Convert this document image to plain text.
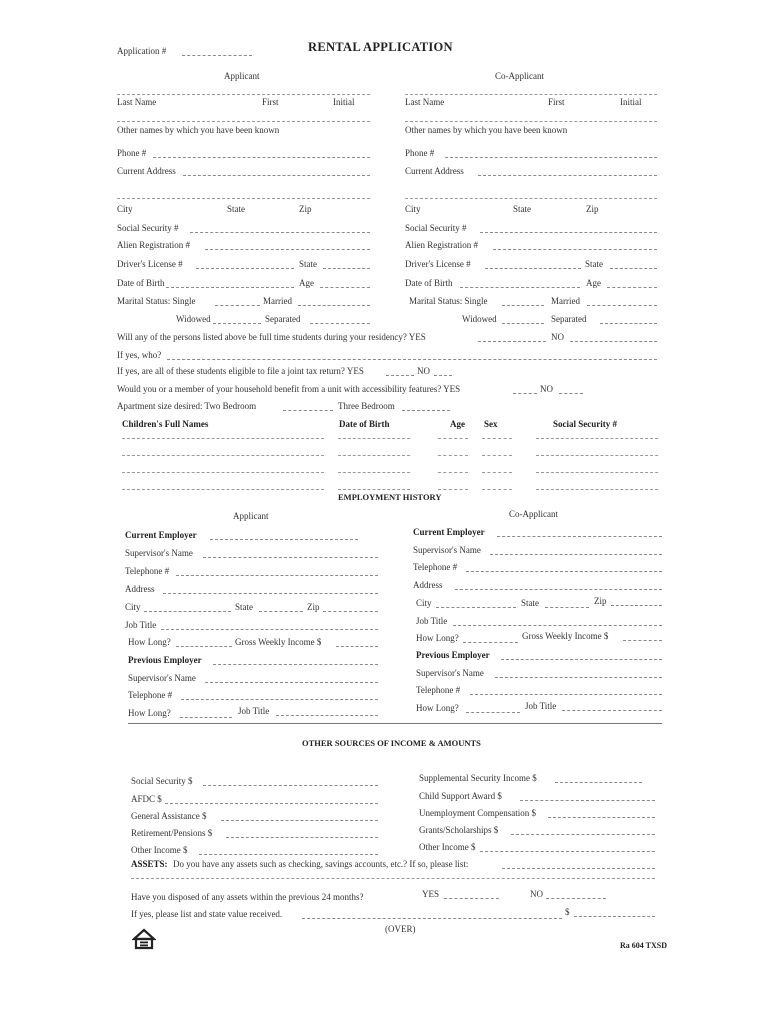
Application #	RENTAL APPLICATION
Applicant	Co-Applicant
Last Name	First	Initial
Other names by which you have been known
Phone #
Current Address
City	State	Zip
Social Security #
Alien Registration #
Driver's License #	State
Date of Birth	Age
Marital Status: Single	Married
Widowed	Separated
Last Name	First	Initial
Other names by which you have been known
Phone #
Current Address
City	State	Zip
Social Security #
Alien Registration #
Driver's License #	State
Date of Birth	Age
Marital Status: Single	Married
Widowed	Separated
Will any of the persons listed above be full time students during your residency? YES	NO
If yes, who?
If yes, are all of these students eligible to file a joint tax return? YES	NO
Would you or a member of your household benefit from a unit with accessibility features? YES	NO
Apartment size desired: Two Bedroom	Three Bedroom
Children's Full Names	Date of Birth	Age Sex	Social Security #
EMPLOYMENT HISTORY
Applicant	Co-Applicant
Current Employer
Supervisor's Name
Telephone #
Address
City	State	Zip
Job Title
How Long?	Gross Weekly Income $
Previous Employer
Supervisor's Name
Telephone #
How Long?	Job Title
Current Employer
Supervisor's Name
Telephone #
Address
City	State	Zip
Job Title
How Long?	Gross Weekly Income $
Previous Employer
Supervisor's Name
Telephone #
How Long?	Job Title
OTHER SOURCES OF INCOME & AMOUNTS
Social Security $
AFDC $
General Assistance $
Retirement/Pensions $
Other Income $
Supplemental Security Income $
Child Support Award $
Unemployment Compensation $
Grants/Scholarships $
Other Income $
ASSETS: Do you have any assets such as checking, savings accounts, etc.? If so, please list:
Have you disposed of any assets within the previous 24 months?	YES	NO
If yes, please list and state value received.	$
(OVER)
Ra 604 TXSD
